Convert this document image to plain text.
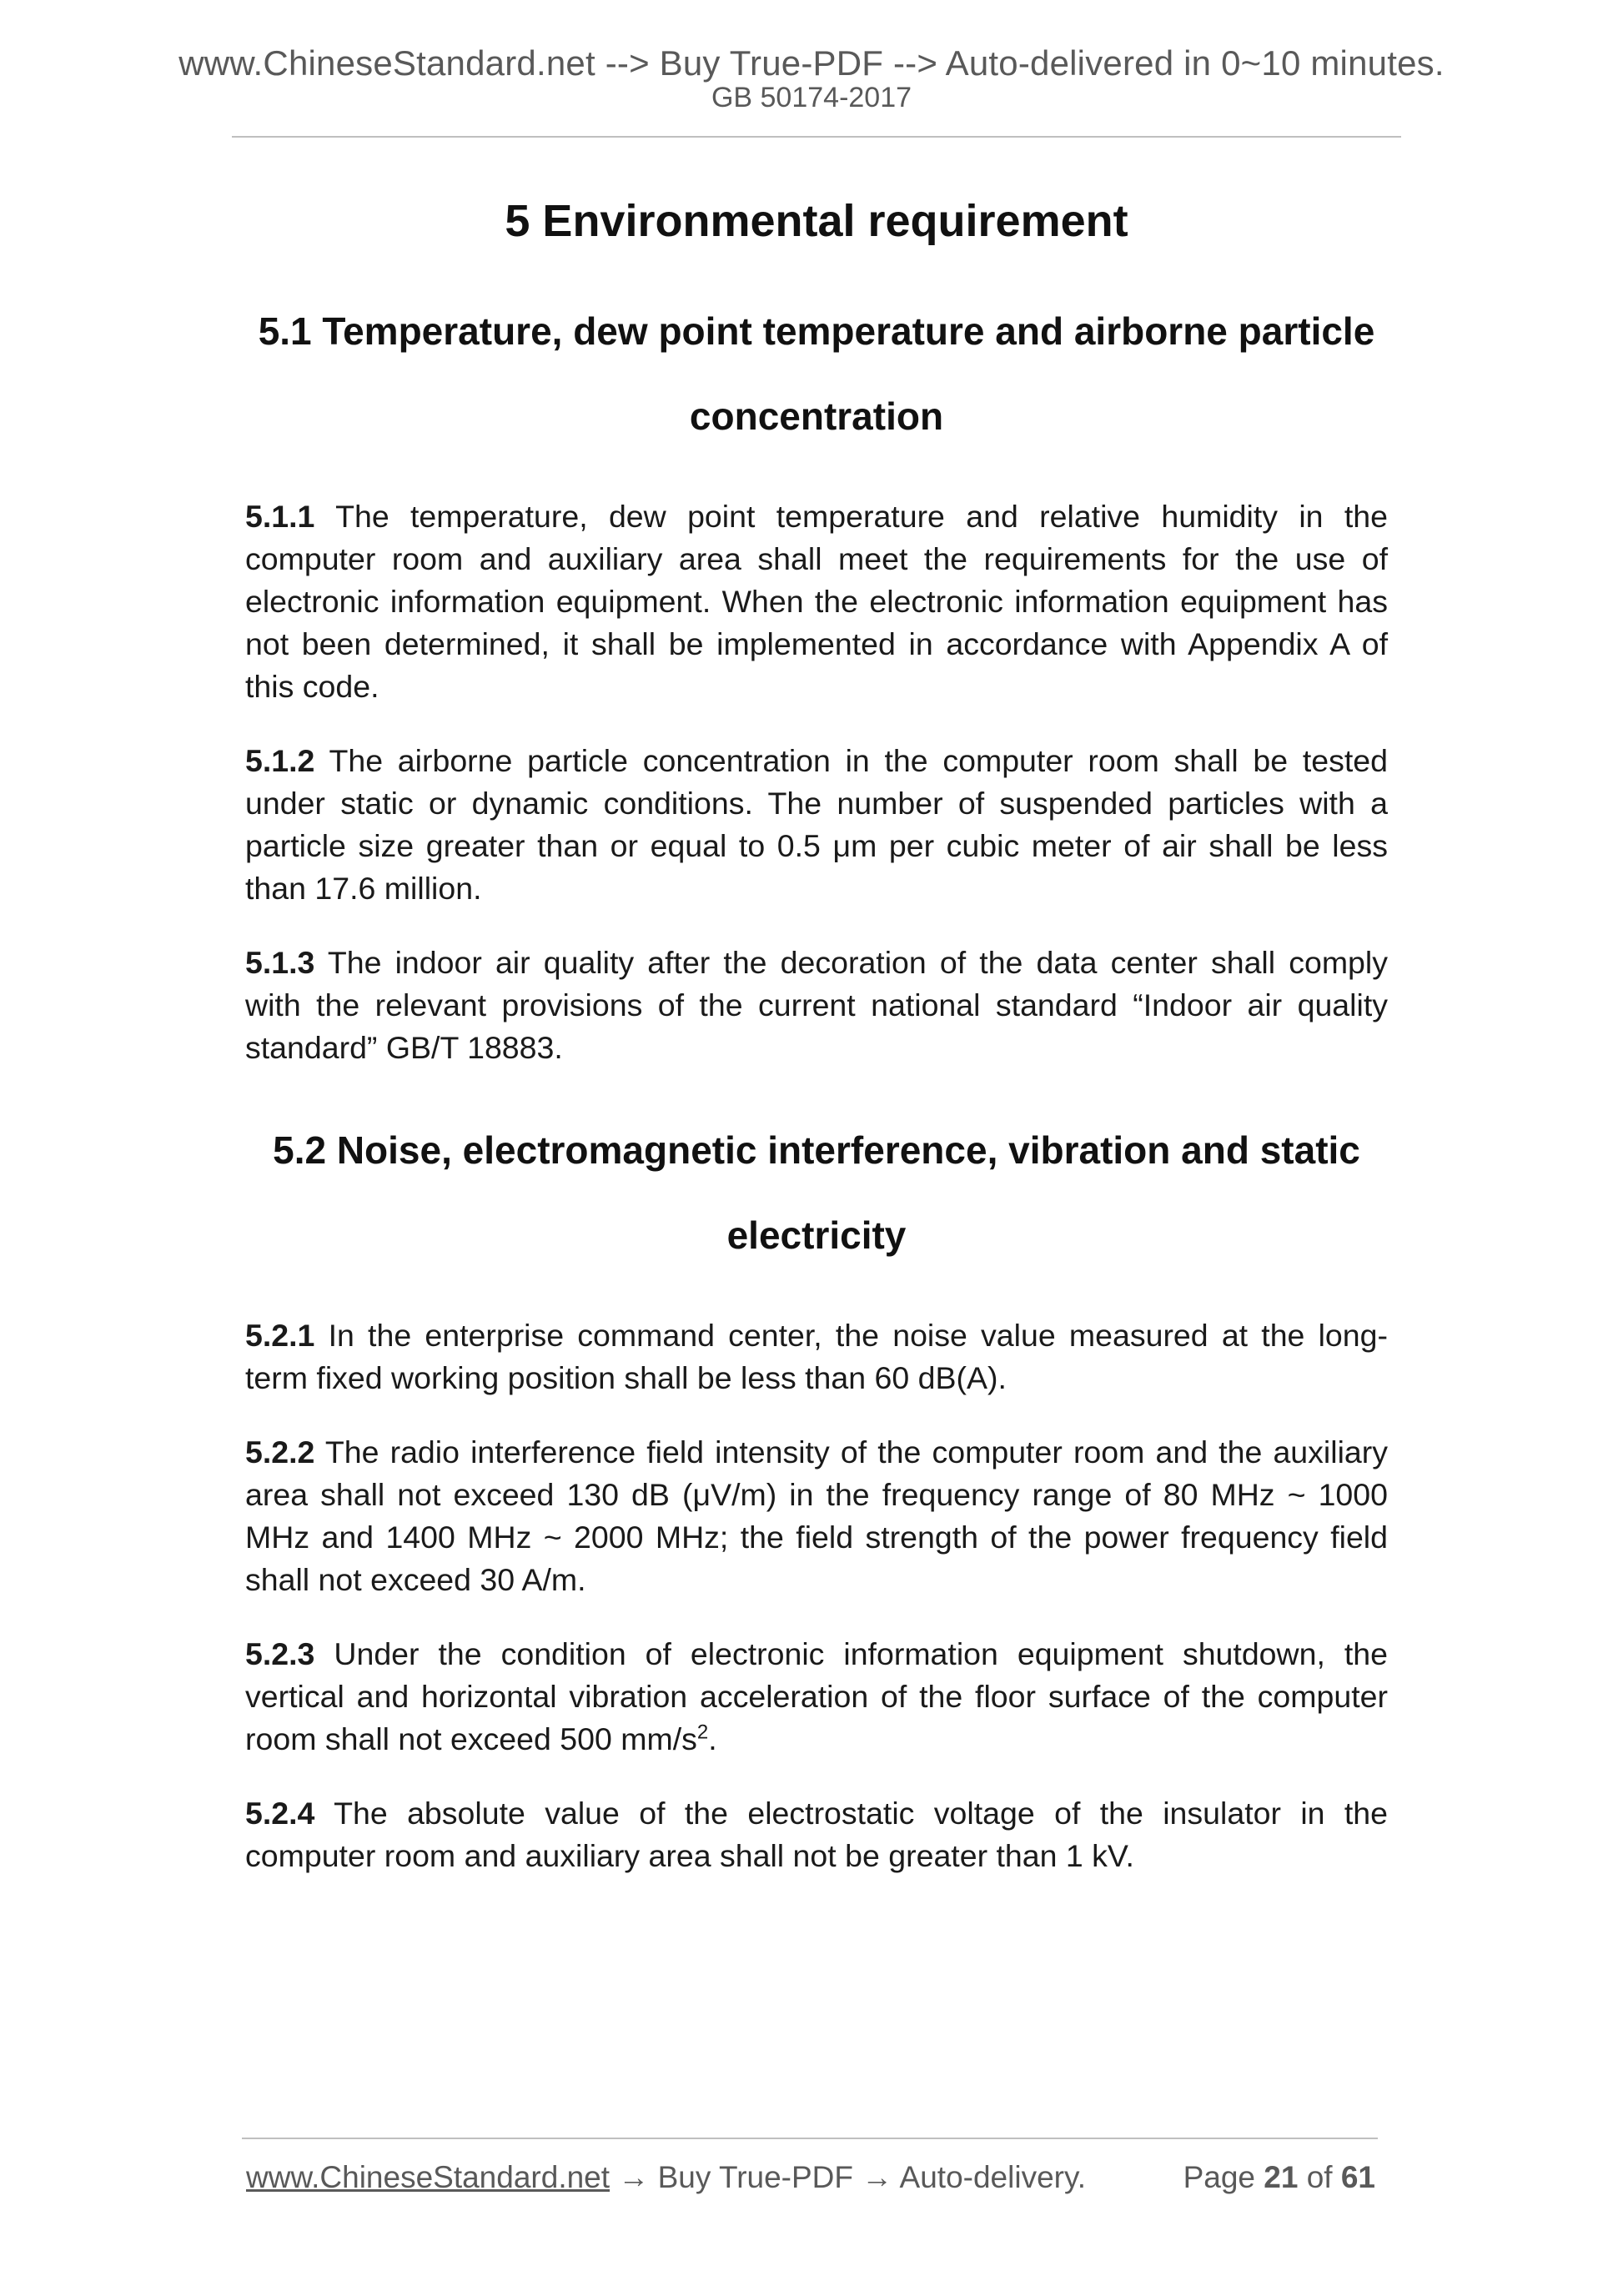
www.ChineseStandard.net --> Buy True-PDF --> Auto-delivered in 0~10 minutes.
GB 50174-2017
5 Environmental requirement
5.1 Temperature, dew point temperature and airborne particle
concentration

5.1.1 The temperature, dew point temperature and relative humidity in the computer room and auxiliary area shall meet the requirements for the use of electronic information equipment. When the electronic information equipment has not been determined, it shall be implemented in accordance with Appendix A of this code.

5.1.2 The airborne particle concentration in the computer room shall be tested under static or dynamic conditions. The number of suspended particles with a particle size greater than or equal to 0.5 μm per cubic meter of air shall be less than 17.6 million.

5.1.3 The indoor air quality after the decoration of the data center shall comply with the relevant provisions of the current national standard “Indoor air quality standard” GB/T 18883.

5.2 Noise, electromagnetic interference, vibration and static
electricity

5.2.1 In the enterprise command center, the noise value measured at the long-term fixed working position shall be less than 60 dB(A).

5.2.2 The radio interference field intensity of the computer room and the auxiliary area shall not exceed 130 dB (μV/m) in the frequency range of 80 MHz ~ 1000 MHz and 1400 MHz ~ 2000 MHz; the field strength of the power frequency field shall not exceed 30 A/m.

5.2.3 Under the condition of electronic information equipment shutdown, the vertical and horizontal vibration acceleration of the floor surface of the computer room shall not exceed 500 $mm/s^2$.

5.2.4 The absolute value of the electrostatic voltage of the insulator in the computer room and auxiliary area shall not be greater than 1 kV.

www.ChineseStandard.net → Buy True-PDF → Auto-delivery.	Page 21 of 61
